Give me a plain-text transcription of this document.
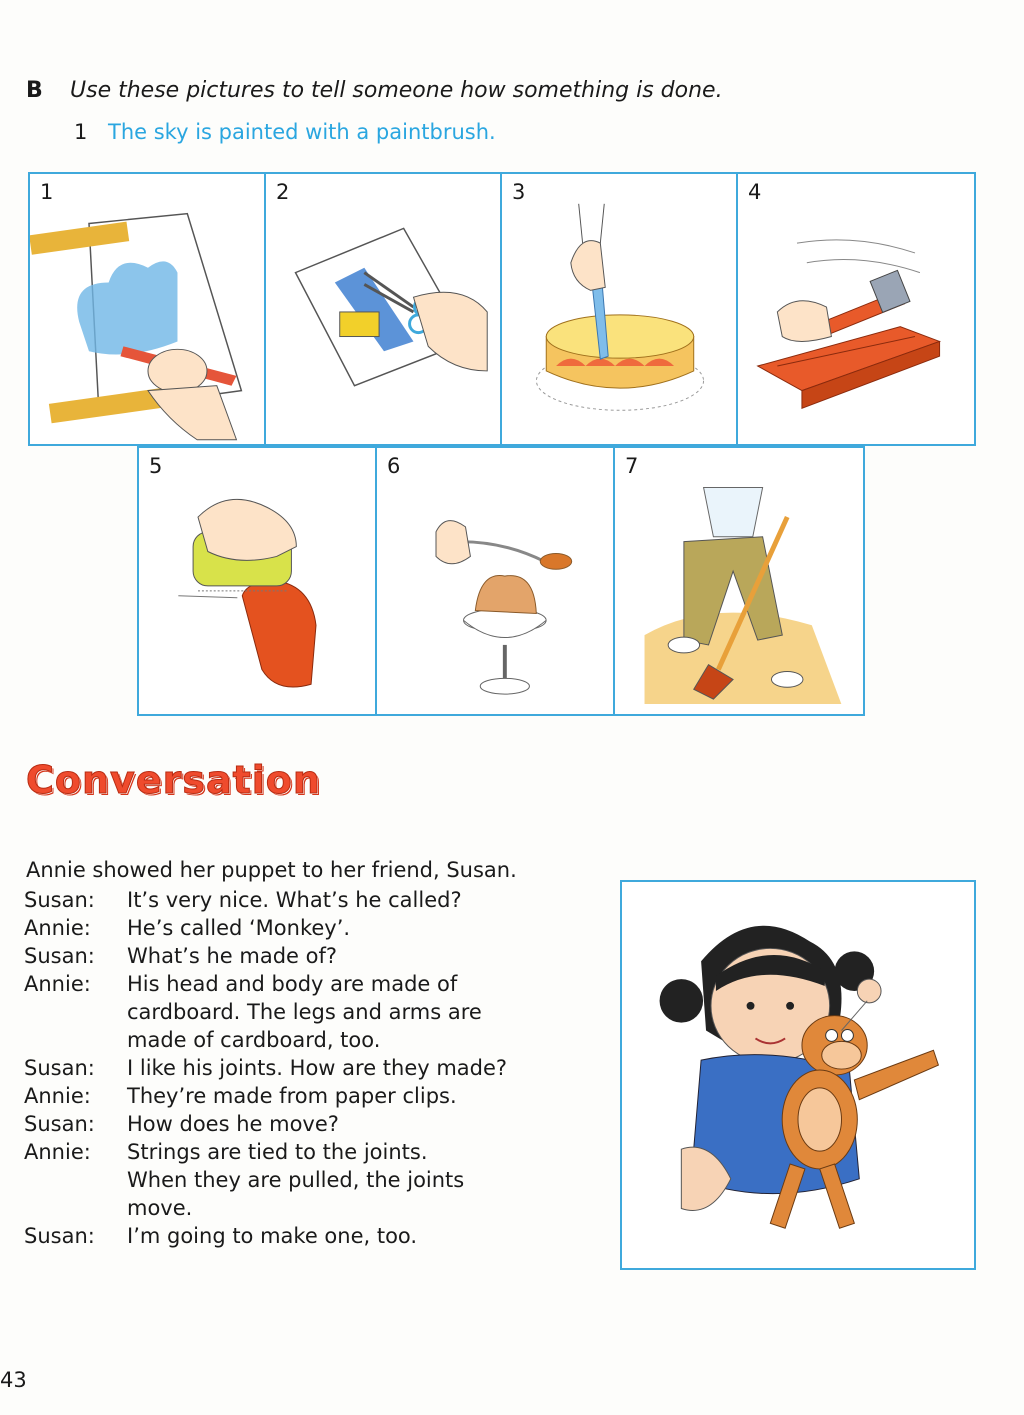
B Use these pictures to tell someone how something is done.
1 The sky is painted with a paintbrush.
1	2	3	4
5	6	7
Conversation
Annie showed her puppet to her friend, Susan.
Susan:	It’s very nice. What’s he called?
Annie:	He’s called ‘Monkey’.
Susan:	What’s he made of?
Annie:	His head and body are made of cardboard. The legs and arms are made of cardboard, too.
Susan:	I like his joints. How are they made?
Annie:	They’re made from paper clips.
Susan:	How does he move?
Annie:	Strings are tied to the joints. When they are pulled, the joints move.
Susan:	I’m going to make one, too.
43
